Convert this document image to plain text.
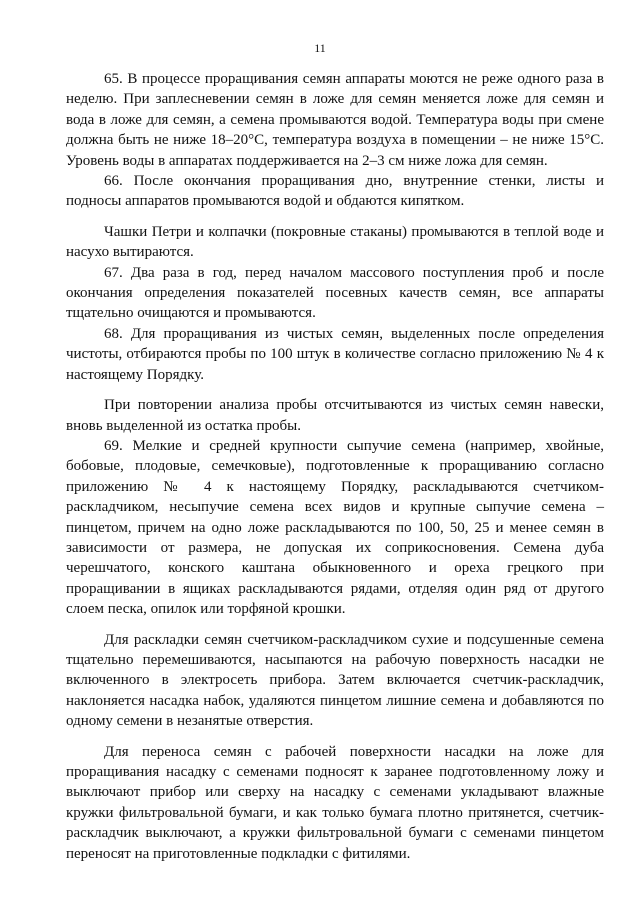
11

65. В процессе проращивания семян аппараты моются не реже одного раза в неделю. При заплесневении семян в ложе для семян меняется ложе для семян и вода в ложе для семян, а семена промываются водой. Температура воды при смене должна быть не ниже 18–20°С, температура воздуха в помещении – не ниже 15°С. Уровень воды в аппаратах поддерживается на 2–3 см ниже ложа для семян.

66. После окончания проращивания дно, внутренние стенки, листы и подносы аппаратов промываются водой и обдаются кипятком.

Чашки Петри и колпачки (покровные стаканы) промываются в теплой воде и насухо вытираются.

67. Два раза в год, перед началом массового поступления проб и после окончания определения показателей посевных качеств семян, все аппараты тщательно очищаются и промываются.

68. Для проращивания из чистых семян, выделенных после определения чистоты, отбираются пробы по 100 штук в количестве согласно приложению № 4 к настоящему Порядку.

При повторении анализа пробы отсчитываются из чистых семян навески, вновь выделенной из остатка пробы.

69. Мелкие и средней крупности сыпучие семена (например, хвойные, бобовые, плодовые, семечковые), подготовленные к проращиванию согласно приложению № 4 к настоящему Порядку, раскладываются счетчиком-раскладчиком, несыпучие семена всех видов и крупные сыпучие семена – пинцетом, причем на одно ложе раскладываются по 100, 50, 25 и менее семян в зависимости от размера, не допуская их соприкосновения. Семена дуба черешчатого, конского каштана обыкновенного и ореха грецкого при проращивании в ящиках раскладываются рядами, отделяя один ряд от другого слоем песка, опилок или торфяной крошки.

Для раскладки семян счетчиком-раскладчиком сухие и подсушенные семена тщательно перемешиваются, насыпаются на рабочую поверхность насадки не включенного в электросеть прибора. Затем включается счетчик-раскладчик, наклоняется насадка набок, удаляются пинцетом лишние семена и добавляются по одному семени в незанятые отверстия.

Для переноса семян с рабочей поверхности насадки на ложе для проращивания насадку с семенами подносят к заранее подготовленному ложу и выключают прибор или сверху на насадку с семенами укладывают влажные кружки фильтровальной бумаги, и как только бумага плотно притянется, счетчик-раскладчик выключают, а кружки фильтровальной бумаги с семенами пинцетом переносят на приготовленные подкладки с фитилями.
